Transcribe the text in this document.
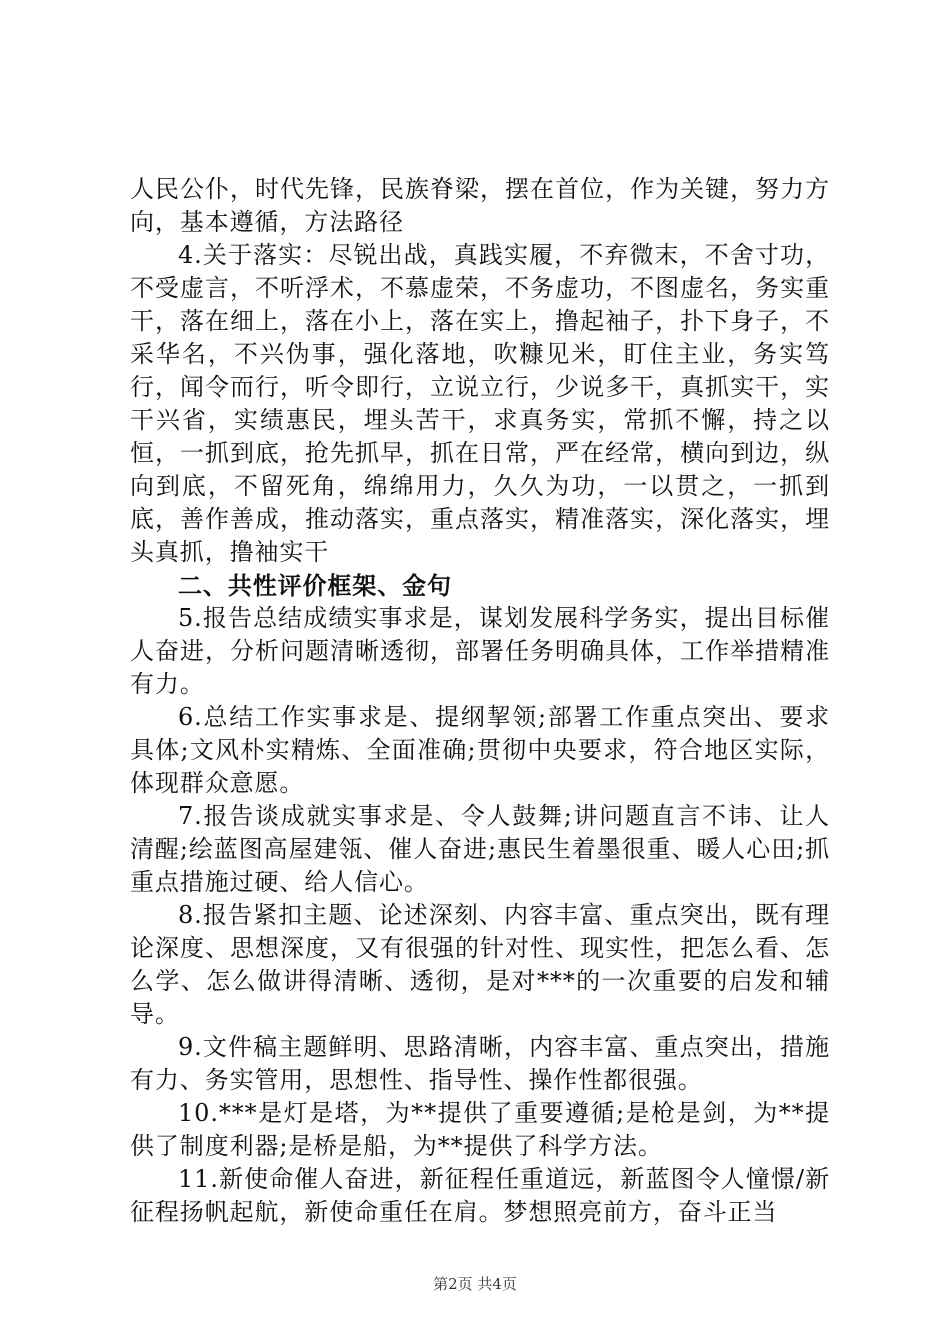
人民公仆，时代先锋，民族脊梁，摆在首位，作为关键，努力方向，基本遵循，方法路径

4.关于落实：尽锐出战，真践实履，不弃微末，不舍寸功，不受虚言，不听浮术，不慕虚荣，不务虚功，不图虚名，务实重干，落在细上，落在小上，落在实上，撸起袖子，扑下身子，不采华名，不兴伪事，强化落地，吹糠见米，盯住主业，务实笃行，闻令而行，听令即行，立说立行，少说多干，真抓实干，实干兴省，实绩惠民，埋头苦干，求真务实，常抓不懈，持之以恒，一抓到底，抢先抓早，抓在日常，严在经常，横向到边，纵向到底，不留死角，绵绵用力，久久为功，一以贯之，一抓到底，善作善成，推动落实，重点落实，精准落实，深化落实，埋头真抓，撸袖实干

二、共性评价框架、金句

5.报告总结成绩实事求是，谋划发展科学务实，提出目标催人奋进，分析问题清晰透彻，部署任务明确具体，工作举措精准有力。

6.总结工作实事求是、提纲挈领;部署工作重点突出、要求具体;文风朴实精炼、全面准确;贯彻中央要求，符合地区实际，体现群众意愿。

7.报告谈成就实事求是、令人鼓舞;讲问题直言不讳、让人清醒;绘蓝图高屋建瓴、催人奋进;惠民生着墨很重、暖人心田;抓重点措施过硬、给人信心。

8.报告紧扣主题、论述深刻、内容丰富、重点突出，既有理论深度、思想深度，又有很强的针对性、现实性，把怎么看、怎么学、怎么做讲得清晰、透彻，是对***的一次重要的启发和辅导。

9.文件稿主题鲜明、思路清晰，内容丰富、重点突出，措施有力、务实管用，思想性、指导性、操作性都很强。

10.***是灯是塔，为**提供了重要遵循;是枪是剑，为**提供了制度利器;是桥是船，为**提供了科学方法。

11.新使命催人奋进，新征程任重道远，新蓝图令人憧憬/新征程扬帆起航，新使命重任在肩。梦想照亮前方，奋斗正当

第2页 共4页
